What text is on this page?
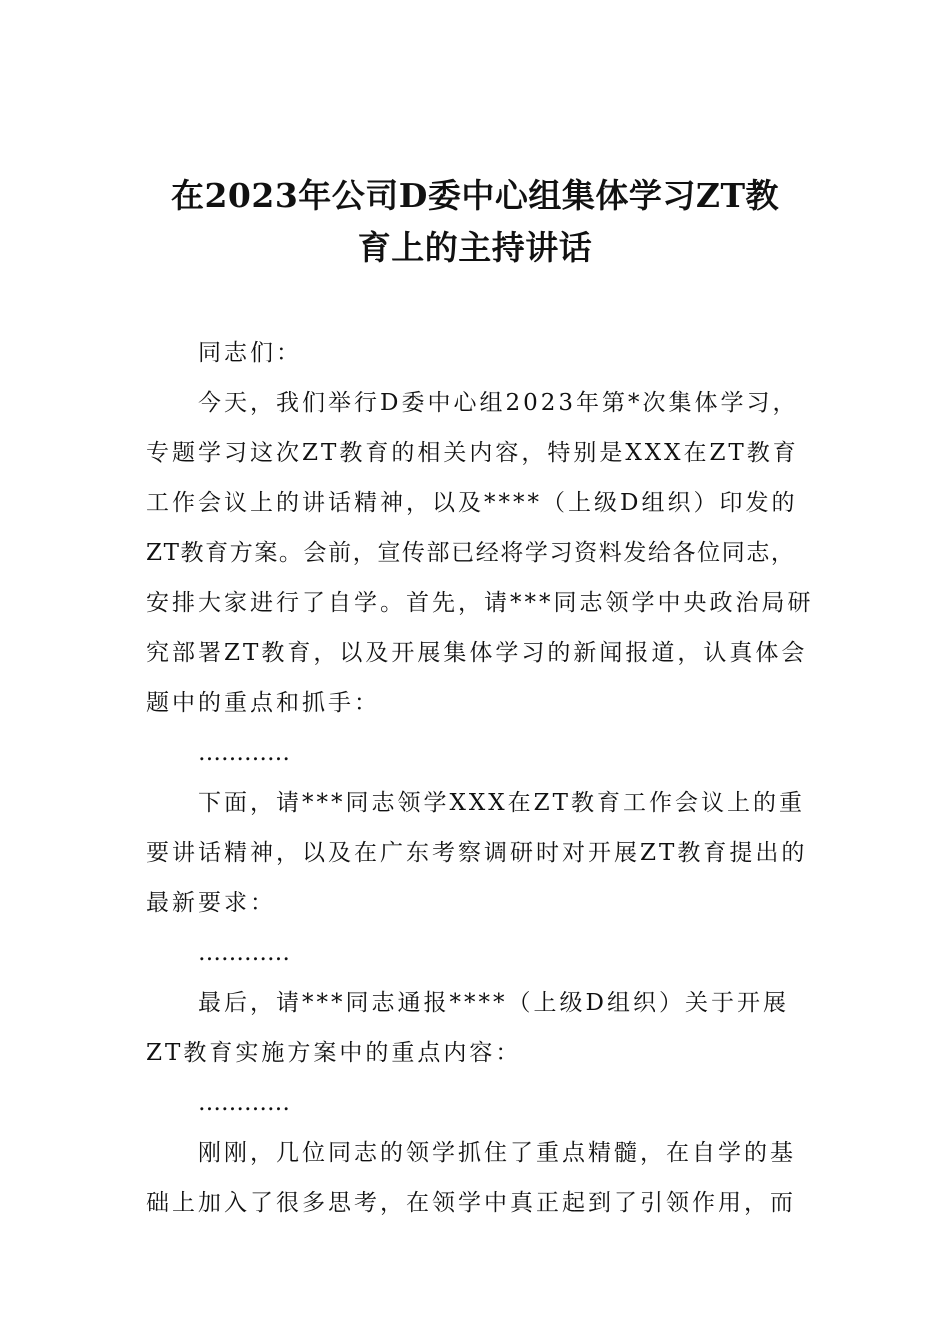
在2023年公司D委中心组集体学习ZT教
育上的主持讲话

同志们：

今天，我们举行D委中心组2023年第*次集体学习，
专题学习这次ZT教育的相关内容，特别是XXX在ZT教育
工作会议上的讲话精神，以及****（上级D组织）印发的
ZT教育方案。会前，宣传部已经将学习资料发给各位同志，
安排大家进行了自学。首先，请***同志领学中央政治局研
究部署ZT教育，以及开展集体学习的新闻报道，认真体会
题中的重点和抓手：

…………

下面，请***同志领学XXX在ZT教育工作会议上的重
要讲话精神，以及在广东考察调研时对开展ZT教育提出的
最新要求：

…………

最后，请***同志通报****（上级D组织）关于开展
ZT教育实施方案中的重点内容：

…………

刚刚，几位同志的领学抓住了重点精髓，在自学的基
础上加入了很多思考，在领学中真正起到了引领作用，而
